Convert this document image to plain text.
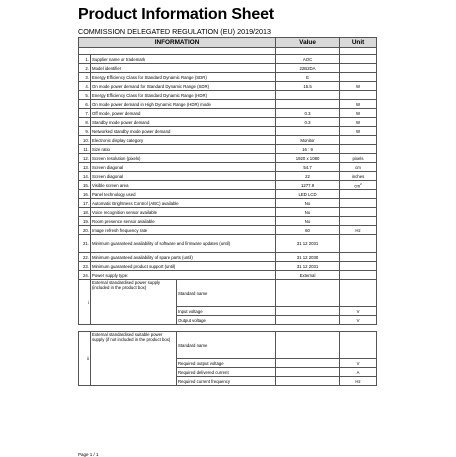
Product Information Sheet
COMMISSION DELEGATED REGULATION (EU) 2019/2013
INFORMATION			Value	Unit

1.	Supplier name or trademark		AOC	
2.	Model identifier		22B2DA	
3.	Energy Efficiency Class for Standard Dynamic Range (SDR)		E	
4.	On mode power demand for Standard Dynamic Range (SDR)		15.5	W
5.	Energy Efficiency Class for Standard Dynamic Range (HDR)			
6.	On mode power demand in High Dynamic Range (HDR) mode			W
7.	Off mode, power demand		0.3	W
8.	Standby mode power demand		0.3	W
9.	Networked standby mode power demand			W
10.	Electronic display category		Monitor	
11.	Size ratio		16 : 9	
12.	Screen resolution (pixels)		1920 x 1080	pixels
13.	Screen diagonal		54.7	cm
14.	Screen diagonal		22	inches
15.	Visible screen area		1277.9	$cm^2$
16.	Panel technology used		LED LCD	
17.	Automatic Brightness Control (ABC) available		No	
18.	Voice recognition sensor available		No	
19.	Room presence sensor available		No	
20.	Image refresh frequency rate		60	Hz
21.	Minimum guaranteed availability of software and firmware updates (until)		31 12 2031	
22.	Minimum guaranteed availability of spare parts (until)		31 12 2030	
23.	Minimum guaranteed product support (until)		31 12 2031	
24.	Power supply type:		External	
i	External standardised power supply (included in the product box)	Standard name		
		Input voltage		V
		Output voltage		V

ii	External standardised suitable power supply (if not included in the product box)	Standard name		
		Required output voltage		V
		Required delivered current		A
		Required current frequency		Hz
Page 1 / 1
